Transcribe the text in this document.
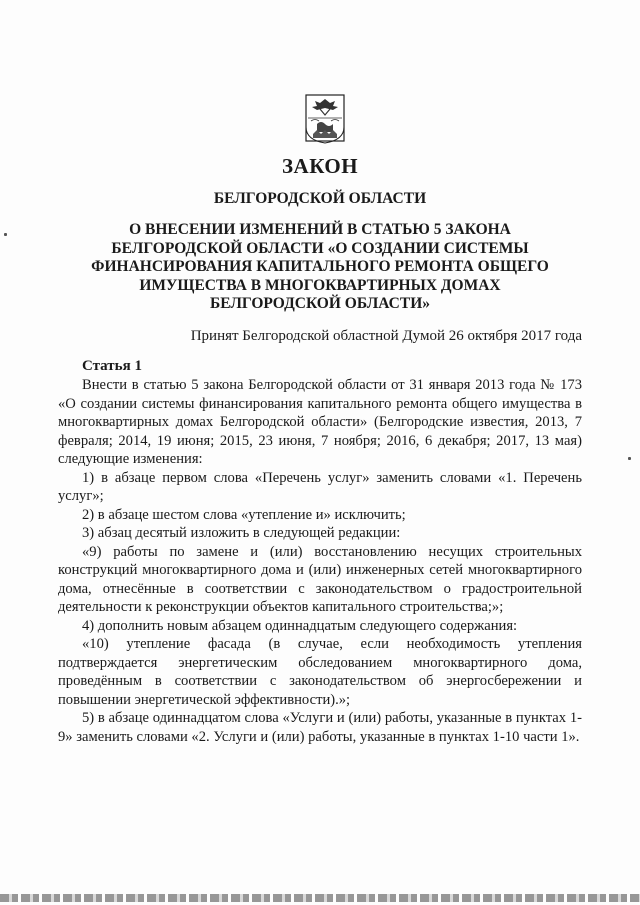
ЗАКОН
БЕЛГОРОДСКОЙ ОБЛАСТИ
О ВНЕСЕНИИ ИЗМЕНЕНИЙ В СТАТЬЮ 5 ЗАКОНА
БЕЛГОРОДСКОЙ ОБЛАСТИ «О СОЗДАНИИ СИСТЕМЫ
ФИНАНСИРОВАНИЯ КАПИТАЛЬНОГО РЕМОНТА ОБЩЕГО
ИМУЩЕСТВА В МНОГОКВАРТИРНЫХ ДОМАХ
БЕЛГОРОДСКОЙ ОБЛАСТИ»
Принят Белгородской областной Думой 26 октября 2017 года
Статья 1

Внести в статью 5 закона Белгородской области от 31 января 2013 года № 173 «О создании системы финансирования капитального ремонта общего имущества в многоквартирных домах Белгородской области» (Белгородские известия, 2013, 7 февраля; 2014, 19 июня; 2015, 23 июня, 7 ноября; 2016, 6 декабря; 2017, 13 мая) следующие изменения:

1) в абзаце первом слова «Перечень услуг» заменить словами «1. Перечень услуг»;

2) в абзаце шестом слова «утепление и» исключить;

3) абзац десятый изложить в следующей редакции:

«9) работы по замене и (или) восстановлению несущих строительных конструкций многоквартирного дома и (или) инженерных сетей многоквартирного дома, отнесённые в соответствии с законодательством о градостроительной деятельности к реконструкции объектов капитального строительства;»;

4) дополнить новым абзацем одиннадцатым следующего содержания:

«10) утепление фасада (в случае, если необходимость утепления подтверждается энергетическим обследованием многоквартирного дома, проведённым в соответствии с законодательством об энергосбережении и повышении энергетической эффективности).»;

5) в абзаце одиннадцатом слова «Услуги и (или) работы, указанные в пунктах 1-9» заменить словами «2. Услуги и (или) работы, указанные в пунктах 1-10 части 1».
